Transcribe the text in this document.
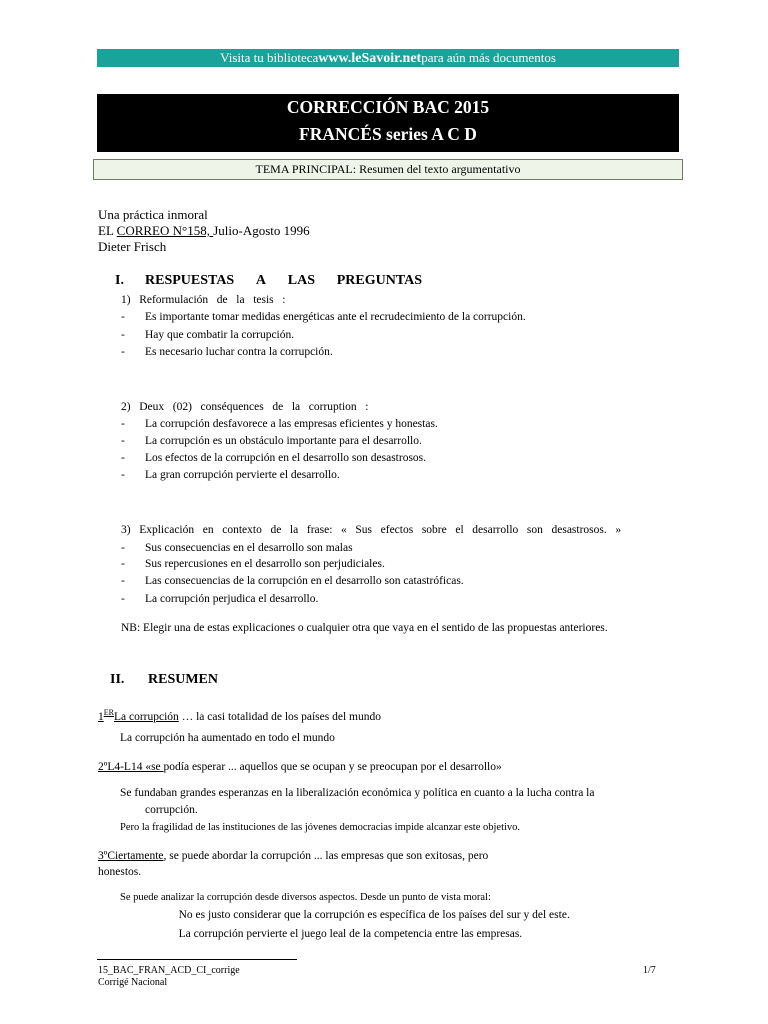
Visita tu bibliotecawww.leSavoir.netpara aún más documentos
CORRECCIÓN BAC 2015
FRANCÉS series A C D
TEMA PRINCIPAL: Resumen del texto argumentativo
Una práctica inmoral
EL CORREO N°158, Julio-Agosto 1996
Dieter Frisch
I. RESPUESTAS A LAS PREGUNTAS
1)   Reformulación   de   la   tesis   :
- Es importante tomar medidas energéticas ante el recrudecimiento de la corrupción.
- Hay que combatir la corrupción.
- Es necesario luchar contra la corrupción.
2)   Deux   (02)   conséquences   de   la   corruption   :
- La corrupción desfavorece a las empresas eficientes y honestas.
- La corrupción es un obstáculo importante para el desarrollo.
- Los efectos de la corrupción en el desarrollo son desastrosos.
- La gran corrupción pervierte el desarrollo.
3)   Explicación   en   contexto   de   la   frase:   «   Sus   efectos   sobre   el   desarrollo   son   desastrosos.   »
- Sus consecuencias en el desarrollo son malas
- Sus repercusiones en el desarrollo son perjudiciales.
- Las consecuencias de la corrupción en el desarrollo son catastróficas.
- La corrupción perjudica el desarrollo.
NB: Elegir una de estas explicaciones o cualquier otra que vaya en el sentido de las propuestas anteriores.
II. RESUMEN
1ERLa corrupción … la casi totalidad de los países del mundo
La corrupción ha aumentado en todo el mundo
2ºL4-L14 «se podía esperar ... aquellos que se ocupan y se preocupan por el desarrollo»
Se fundaban grandes esperanzas en la liberalización económica y política en cuanto a la lucha contra la
corrupción.
Pero la fragilidad de las instituciones de las jóvenes democracias impide alcanzar este objetivo.
3ºCiertamente, se puede abordar la corrupción ... las empresas que son exitosas, pero
honestos.
Se puede analizar la corrupción desde diversos aspectos. Desde un punto de vista moral:
No es justo considerar que la corrupción es específica de los países del sur y del este.
La corrupción pervierte el juego leal de la competencia entre las empresas.
15_BAC_FRAN_ACD_CI_corrige
Corrigé Nacional
1/7
